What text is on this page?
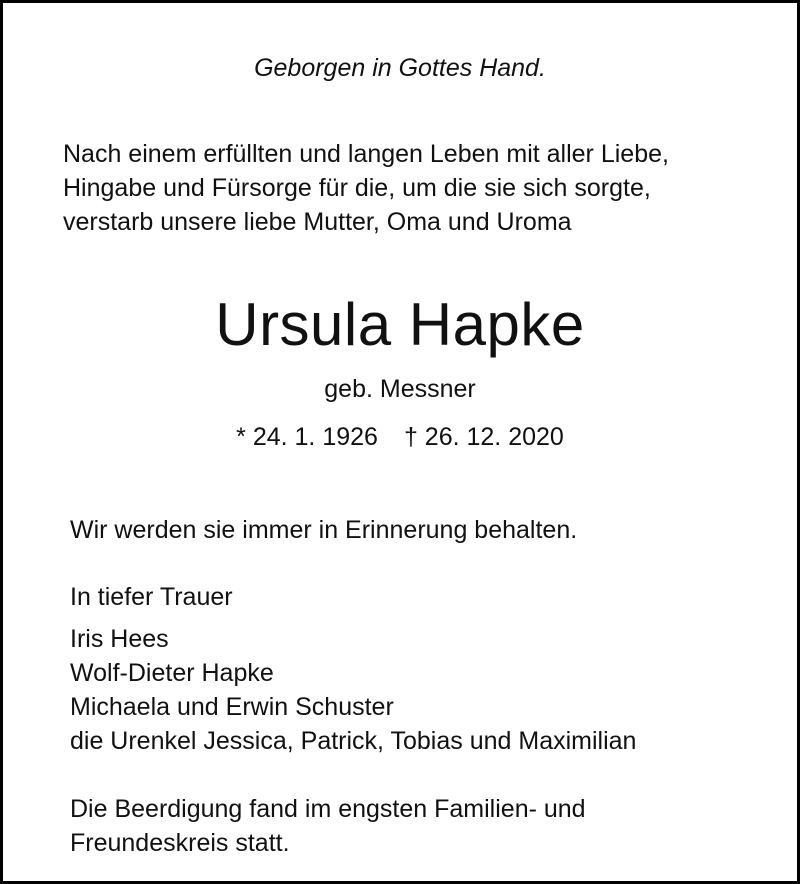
Geborgen in Gottes Hand.
Nach einem erfüllten und langen Leben mit aller Liebe,
Hingabe und Fürsorge für die, um die sie sich sorgte,
verstarb unsere liebe Mutter, Oma und Uroma
Ursula Hapke
geb. Messner
* 24. 1. 1926 † 26. 12. 2020
Wir werden sie immer in Erinnerung behalten.
In tiefer Trauer
Iris Hees
Wolf-Dieter Hapke
Michaela und Erwin Schuster
die Urenkel Jessica, Patrick, Tobias und Maximilian
Die Beerdigung fand im engsten Familien- und
Freundeskreis statt.
